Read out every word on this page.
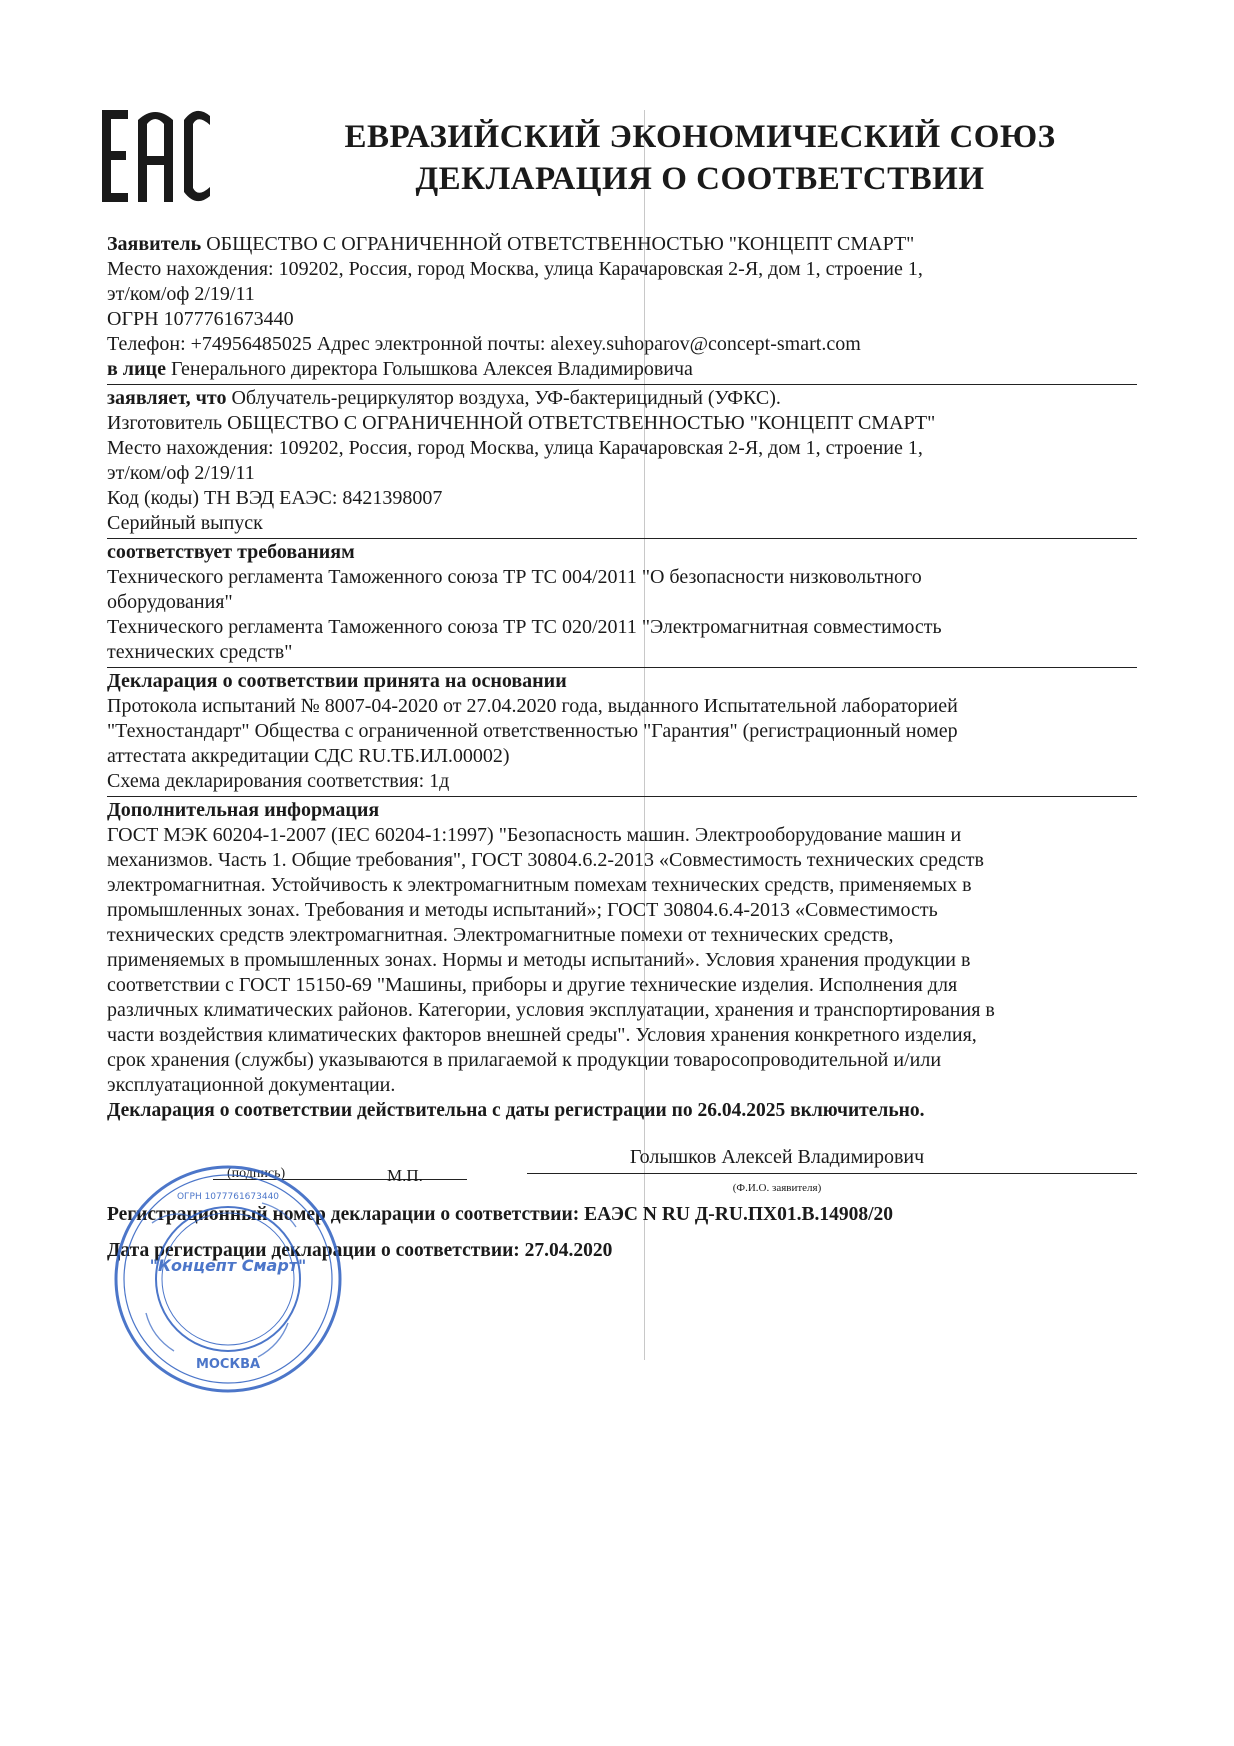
ЕВРАЗИЙСКИЙ ЭКОНОМИЧЕСКИЙ СОЮЗ
ДЕКЛАРАЦИЯ О СООТВЕТСТВИИ

Заявитель ОБЩЕСТВО С ОГРАНИЧЕННОЙ ОТВЕТСТВЕННОСТЬЮ "КОНЦЕПТ СМАРТ"

Место нахождения: 109202, Россия, город Москва, улица Карачаровская 2-Я, дом 1, строение 1,

эт/ком/оф 2/19/11

ОГРН 1077761673440

Телефон: +74956485025 Адрес электронной почты: alexey.suhoparov@concept-smart.com

в лице Генерального директора Голышкова Алексея Владимировича

заявляет, что Облучатель-рециркулятор воздуха, УФ-бактерицидный (УФКС).

Изготовитель ОБЩЕСТВО С ОГРАНИЧЕННОЙ ОТВЕТСТВЕННОСТЬЮ "КОНЦЕПТ СМАРТ"

Место нахождения: 109202, Россия, город Москва, улица Карачаровская 2-Я, дом 1, строение 1,

эт/ком/оф 2/19/11

Код (коды) ТН ВЭД ЕАЭС: 8421398007

Серийный выпуск

соответствует требованиям

Технического регламента Таможенного союза ТР ТС 004/2011 "О безопасности низковольтного

оборудования"

Технического регламента Таможенного союза ТР ТС 020/2011 "Электромагнитная совместимость

технических средств"

Декларация о соответствии принята на основании

Протокола испытаний № 8007-04-2020 от 27.04.2020 года, выданного Испытательной лабораторией

"Техностандарт" Общества с ограниченной ответственностью "Гарантия" (регистрационный номер

аттестата аккредитации СДС RU.ТБ.ИЛ.00002)

Схема декларирования соответствия: 1д

Дополнительная информация

ГОСТ МЭК 60204-1-2007 (IEC 60204-1:1997) "Безопасность машин. Электрооборудование машин и

механизмов. Часть 1. Общие требования", ГОСТ 30804.6.2-2013 «Совместимость технических средств

электромагнитная. Устойчивость к электромагнитным помехам технических средств, применяемых в

промышленных зонах. Требования и методы испытаний»; ГОСТ 30804.6.4-2013 «Совместимость

технических средств электромагнитная. Электромагнитные помехи от технических средств,

применяемых в промышленных зонах. Нормы и методы испытаний». Условия хранения продукции в

соответствии с ГОСТ 15150-69 "Машины, приборы и другие технические изделия. Исполнения для

различных климатических районов. Категории, условия эксплуатации, хранения и транспортирования в

части воздействия климатических факторов внешней среды". Условия хранения конкретного изделия,

срок хранения (службы) указываются в прилагаемой к продукции товаросопроводительной и/или

эксплуатационной документации.

Декларация о соответствии действительна с даты регистрации по 26.04.2025 включительно.

(подпись)	М.П.
Голышков Алексей Владимирович
(Ф.И.О. заявителя)

Регистрационный номер декларации о соответствии: ЕАЭС N RU Д-RU.ПХ01.В.14908/20

Дата регистрации декларации о соответствии: 27.04.2020

"Концепт Смарт"
МОСКВА
ОГРН 1077761673440
